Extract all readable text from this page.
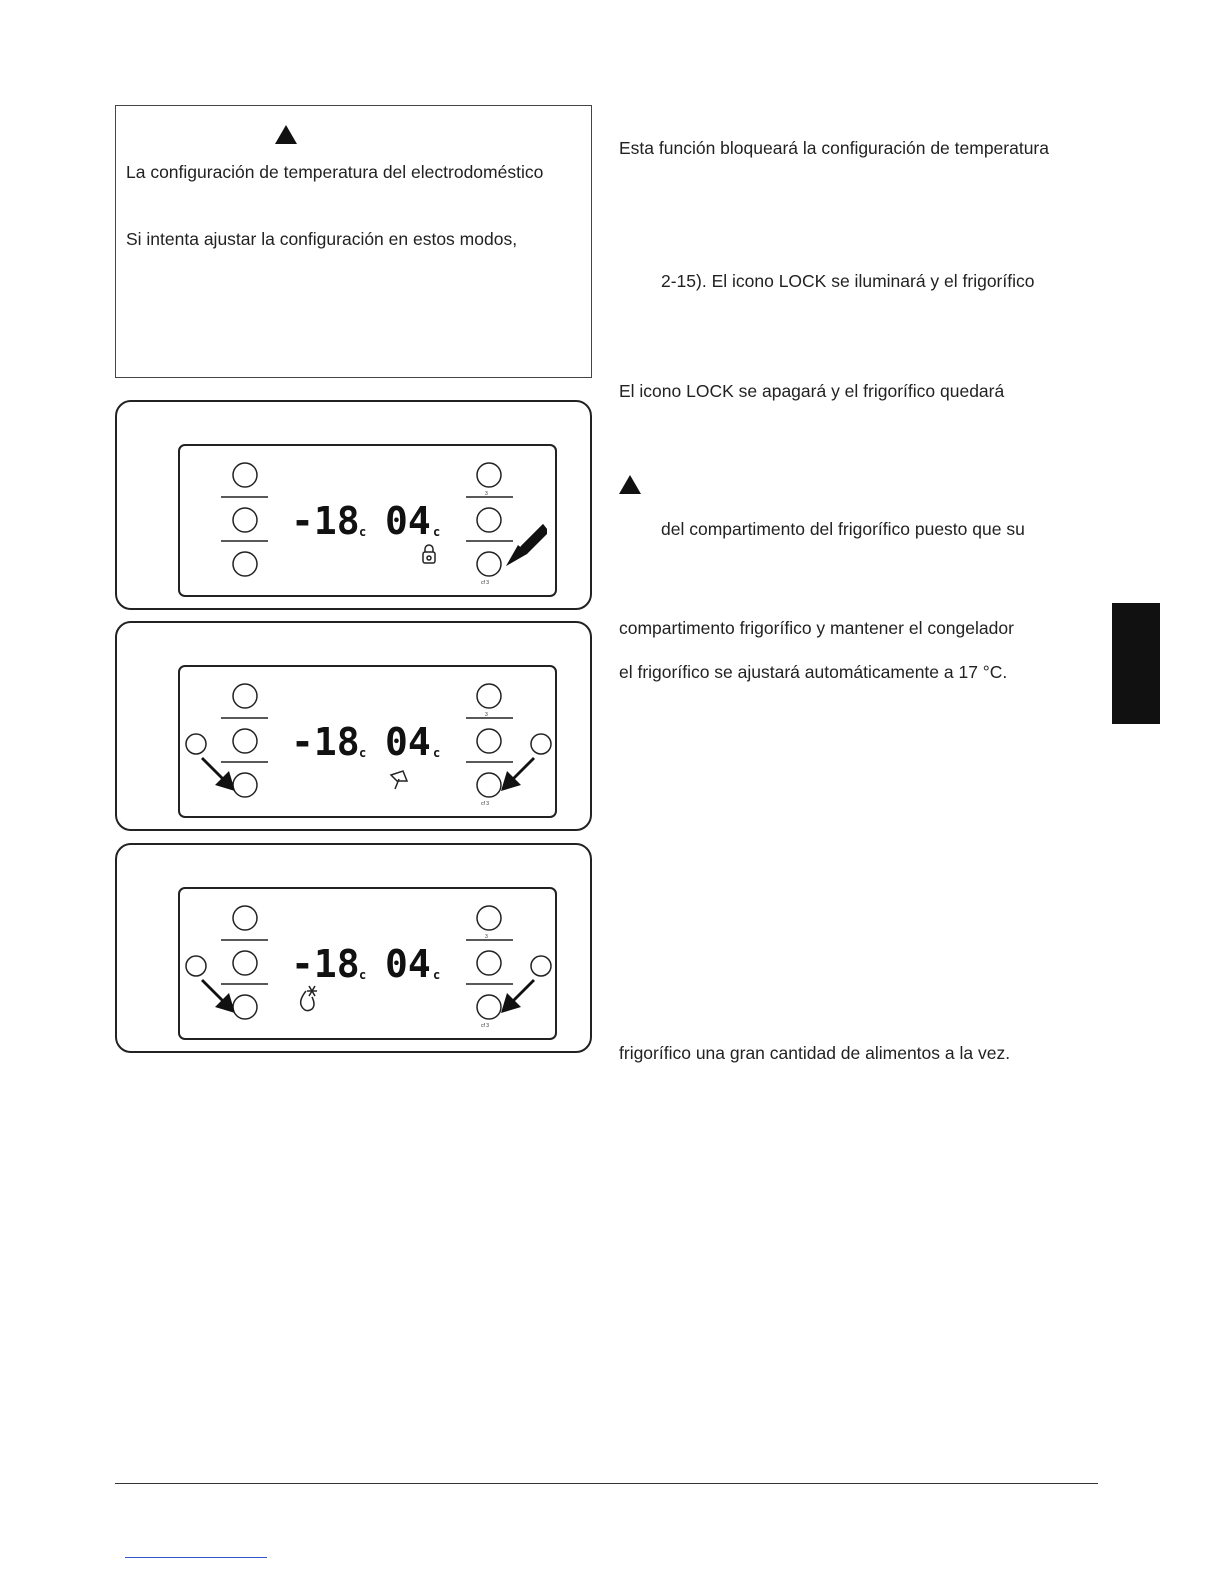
La configuración de temperatura del electrodoméstico
Si intenta ajustar la configuración en estos modos,
Esta función bloqueará la configuración de temperatura
2-15). El icono LOCK se iluminará y el frigorífico
El icono LOCK se apagará y el frigorífico quedará
del compartimento del frigorífico puesto que su
compartimento frigorífico y mantener el congelador
el frigorífico se ajustará automáticamente a 17 °C.
frigorífico una gran cantidad de alimentos a la vez.
-18 04
c	c
3
cf 3
-18 04
c	c
3
cf 3
-18 04
c	c
3
cf 3
